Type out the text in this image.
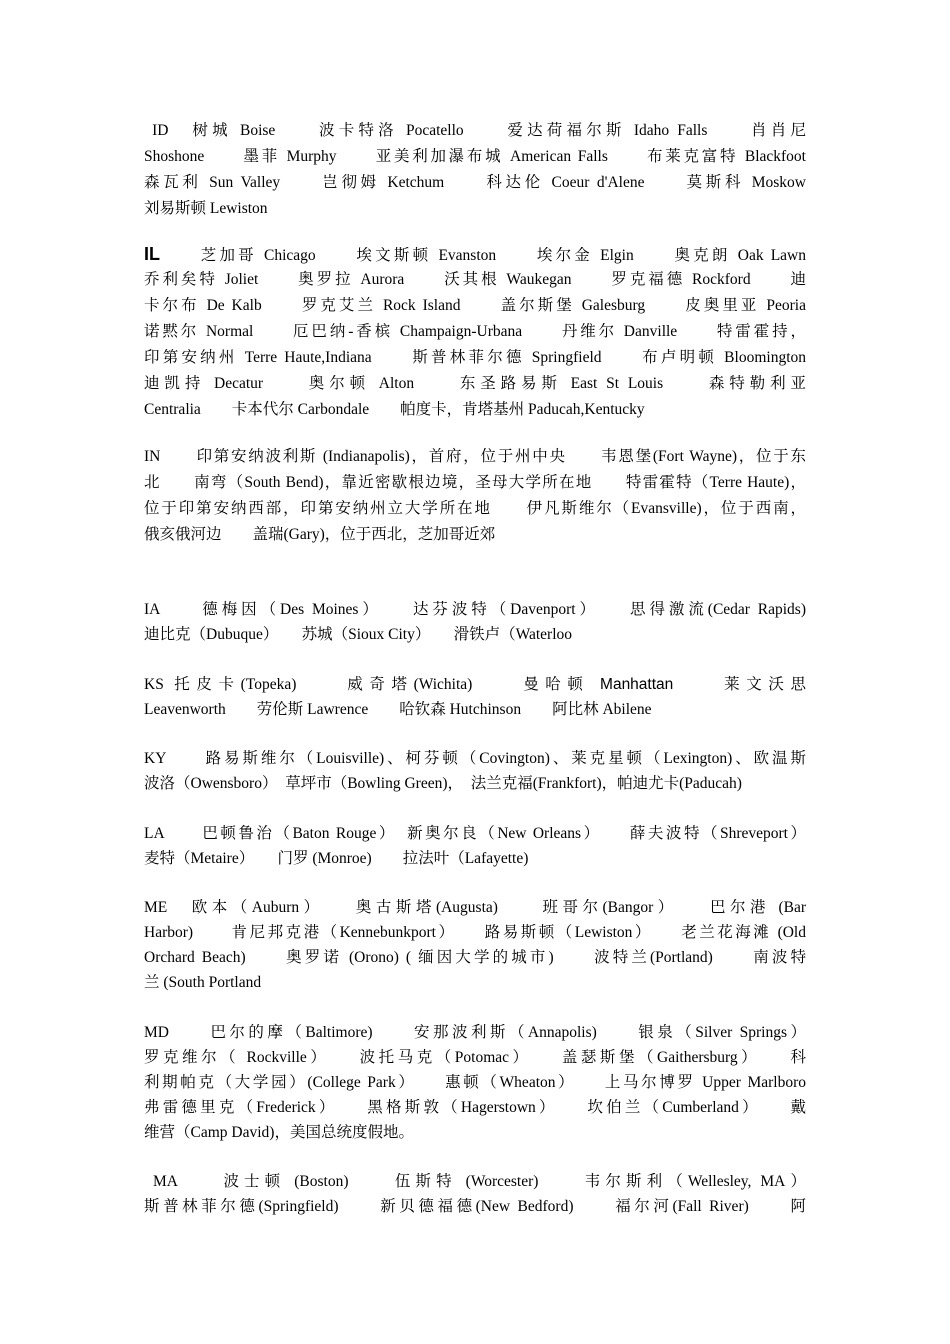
ID　树城 Boise　　波卡特洛 Pocatello　　爱达荷福尔斯 Idaho Falls　　肖肖尼
Shoshone　　墨菲 Murphy　　亚美利加瀑布城 American Falls　　布莱克富特 Blackfoot
森瓦利 Sun Valley　　岂彻姆 Ketchum　　科达伦 Coeur d'Alene　　莫斯科 Moskow
刘易斯顿 Lewiston
IL　　芝加哥 Chicago　　埃文斯顿 Evanston　　埃尔金 Elgin　　奥克朗 Oak Lawn
乔利矣特 Joliet　　奥罗拉 Aurora　　沃其根 Waukegan　　罗克福德 Rockford　　迪
卡尔布 De Kalb　　罗克艾兰 Rock Island　　盖尔斯堡 Galesburg　　皮奥里亚 Peoria
诺黙尔 Normal　　厄巴纳-香槟 Champaign-Urbana　　丹维尔 Danville　　特雷霍持，
印第安纳州 Terre Haute,Indiana　　斯普林菲尔德 Springfield　　布卢明顿 Bloomington
迪凯持 Decatur　　奥尔顿 Alton　　东圣路易斯 East St Louis　　森特勒利亚
Centralia　　卡本代尔 Carbondale　　帕度卡，肯塔基州 Paducah,Kentucky
IN　　印第安纳波利斯 (Indianapolis)，首府，位于州中央　　韦恩堡(Fort Wayne)，位于东
北　　南弯（South Bend)，靠近密歇根边境，圣母大学所在地　　特雷霍特（Terre Haute)，
位于印第安纳西部，印第安纳州立大学所在地　　伊凡斯维尔（Evansville)，位于西南，
俄亥俄河边　　盖瑞(Gary)，位于西北，芝加哥近郊
IA　　德梅因（Des Moines）　　达芬波特（Davenport）　　思得激流(Cedar Rapids)
迪比克（Dubuque）　　苏城（Sioux City）　　滑铁卢（Waterloo
KS 托皮卡(Topeka)　　威奇塔(Wichita)　　曼哈顿 Manhattan　　莱文沃思
Leavenworth　　劳伦斯 Lawrence　　哈钦森 Hutchinson　　阿比林 Abilene
KY　　路易斯维尔（Louisville)、柯芬顿（Covington)、莱克星顿（Lexington)、欧温斯
波洛（Owensboro）  草坪市（Bowling Green)，  法兰克福(Frankfort)，帕迪尤卡(Paducah)
LA　　巴顿鲁治（Baton Rouge）　新奥尔良（New Orleans）　　薛夫波特（Shreveport）
麦特（Metaire）　　门罗 (Monroe)　　拉法叶（Lafayette)
ME　欧本（Auburn）　　奥古斯塔(Augusta)　　班哥尔(Bangor）　　巴尔港 (Bar
Harbor)　　肯尼邦克港（Kennebunkport）　　路易斯顿（Lewiston）　　老兰花海滩 (Old
Orchard Beach)　　奥罗诺 (Orono) ( 缅因大学的城市)　　波特兰(Portland)　　南波特
兰 (South Portland
MD　　巴尔的摩（Baltimore)　　安那波利斯（Annapolis)　　银泉（Silver Springs）
罗克维尔（ Rockville）　　波托马克（Potomac）　　盖瑟斯堡（Gaithersburg）　　科
利期帕克（大学园）(College Park）　　惠顿（Wheaton）　　上马尔博罗 Upper Marlboro
弗雷德里克（Frederick）　　黑格斯敦（Hagerstown）　　坎伯兰（Cumberland）　　戴
维营（Camp David)，美国总统度假地。
MA　　波士顿 (Boston)　　伍斯特 (Worcester)　　韦尔斯利（Wellesley, MA）
斯普林菲尔德(Springfield)　　新贝德福德(New Bedford)　　福尔河(Fall River)　　阿
